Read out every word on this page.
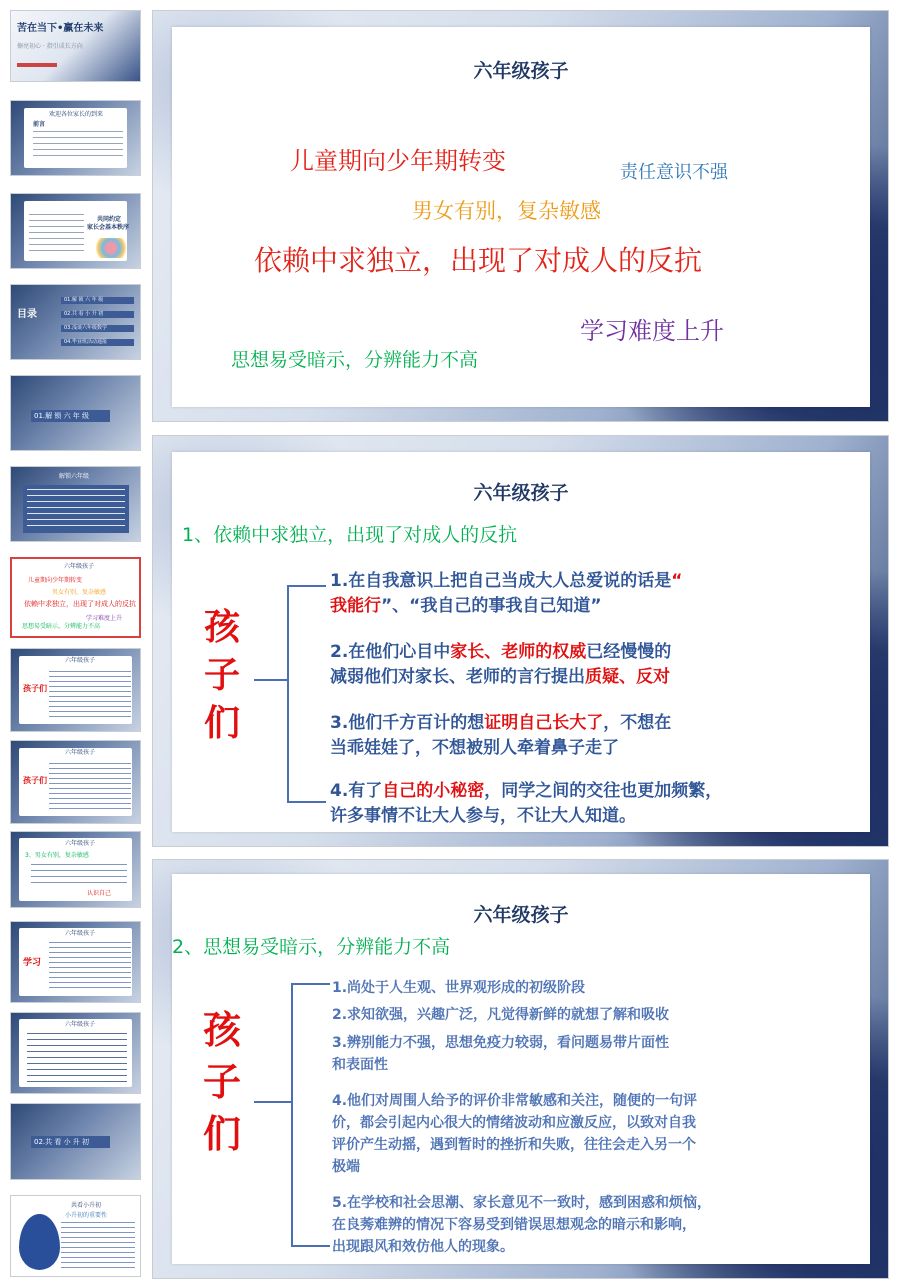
苦在当下•赢在未来
擦亮初心 · 指引成长方向
欢迎各位家长的到来
前言
共同约定
家长会基本秩序
目录
01.解 锁 六 年 级
02.共 看 小 升 初
03.浅谈六年级数学
04.毕业班活动通报
01.解 锁 六 年 级
解锁六年级
六年级孩子
儿童期向少年期转变
男女有别，复杂敏感
依赖中求独立，出现了对成人的反抗
学习难度上升
思想易受暗示，分辨能力不高
六年级孩子
孩子们
六年级孩子
孩子们
六年级孩子
3、男女有别，复杂敏感
认识自己
六年级孩子
学习
六年级孩子
02.共 看 小 升 初
共看小升初
小升初的重要性
六年级孩子
儿童期向少年期转变	责任意识不强
男女有别，复杂敏感
依赖中求独立，出现了对成人的反抗
学习难度上升
思想易受暗示，分辨能力不高
六年级孩子
1、依赖中求独立，出现了对成人的反抗
孩
子
们
1.在自我意识上把自己当成大人总爱说的话是“
我能行”、“我自己的事我自己知道”
2.在他们心目中家长、老师的权威已经慢慢的
减弱他们对家长、老师的言行提出质疑、反对
3.他们千方百计的想证明自己长大了，不想在
当乖娃娃了，不想被别人牵着鼻子走了
4.有了自己的小秘密，同学之间的交往也更加频繁，
许多事情不让大人参与，不让大人知道。
六年级孩子
2、思想易受暗示，分辨能力不高
孩
子
们
1.尚处于人生观、世界观形成的初级阶段
2.求知欲强，兴趣广泛，凡觉得新鲜的就想了解和吸收
3.辨别能力不强，思想免疫力较弱，看问题易带片面性
和表面性
4.他们对周围人给予的评价非常敏感和关注，随便的一句评
价，都会引起内心很大的情绪波动和应激反应，以致对自我
评价产生动摇，遇到暂时的挫折和失败，往往会走入另一个
极端
5.在学校和社会思潮、家长意见不一致时，感到困惑和烦恼，
在良莠难辨的情况下容易受到错误思想观念的暗示和影响，
出现跟风和效仿他人的现象。
